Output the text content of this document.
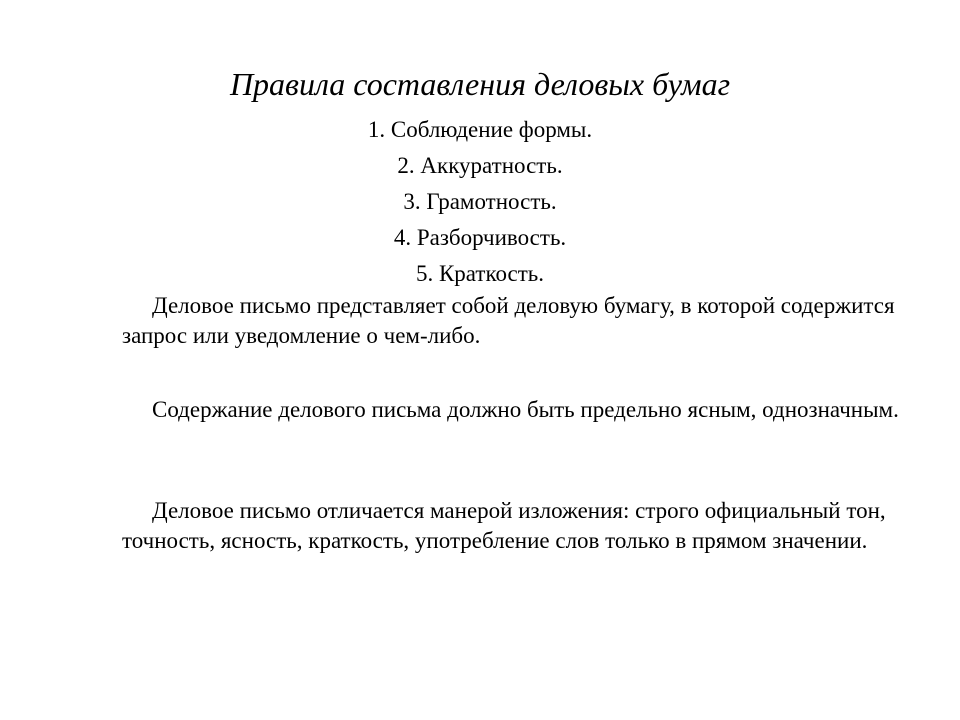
Правила составления деловых бумаг
1. Соблюдение формы.
2. Аккуратность.
3. Грамотность.
4. Разборчивость.
5. Краткость.

Деловое письмо представляет собой деловую бумагу, в которой содержится запрос или уведомление о чем-либо.

Содержание делового письма должно быть предельно ясным, однозначным.

Деловое письмо отличается манерой изложения: строго официальный тон, точность, ясность, краткость, употребление слов только в прямом значении.
